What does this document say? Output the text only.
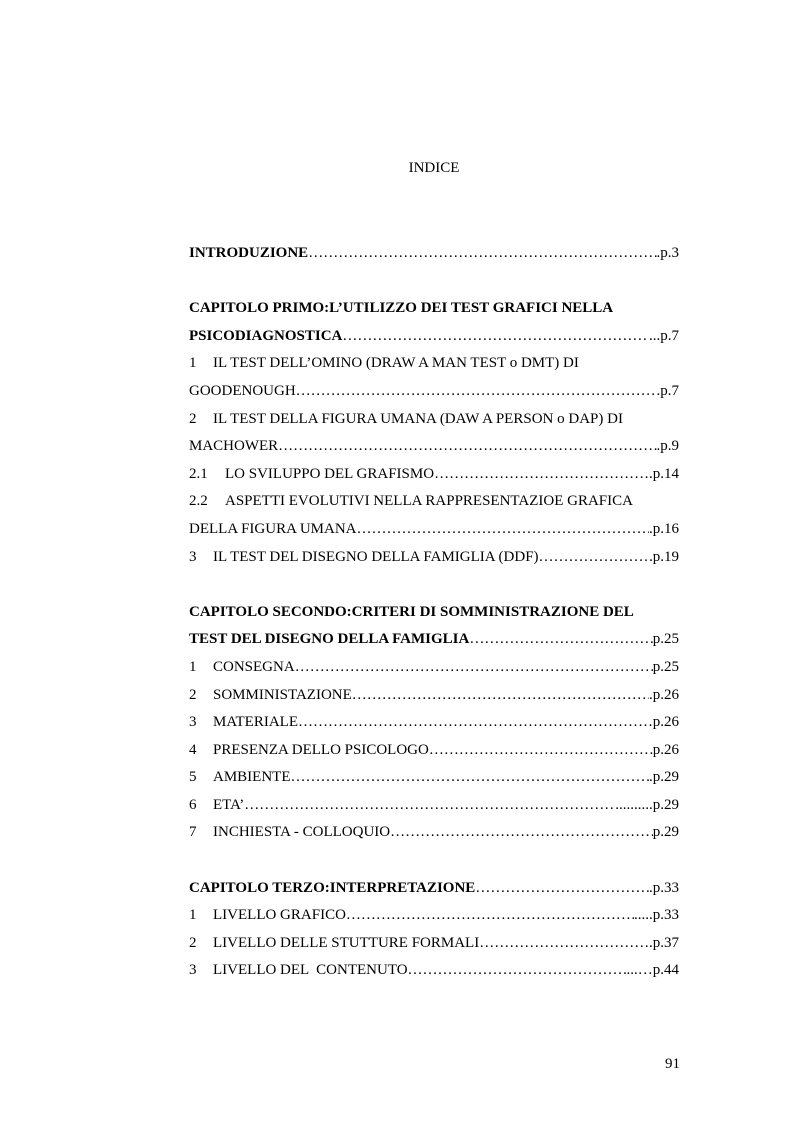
INDICE
INTRODUZIONE ……………………………………………………………………………………………………………………………………………	.p.3
CAPITOLO PRIMO:L’UTILIZZO DEI TEST GRAFICI NELLA
PSICODIAGNOSTICA ……………………………………………………………………………………………………………………………………………	...p.7
1 IL TEST DELL’OMINO (DRAW A MAN TEST o DMT) DI
GOODENOUGH ……………………………………………………………………………………………………………………………………………	.p.7
2 IL TEST DELLA FIGURA UMANA (DAW A PERSON o DAP) DI
MACHOWER ……………………………………………………………………………………………………………………………………………	.p.9
2.1 LO SVILUPPO DEL GRAFISMO ……………………………………………………………………………………………………………………………………………	.p.14
2.2 ASPETTI EVOLUTIVI NELLA RAPPRESENTAZIOE GRAFICA
DELLA FIGURA UMANA ……………………………………………………………………………………………………………………………………………	.p.16
3 IL TEST DEL DISEGNO DELLA FAMIGLIA (DDF) ……………………………………………………………………………………………………………………………………………	p.19
CAPITOLO SECONDO:CRITERI DI SOMMINISTRAZIONE DEL
TEST DEL DISEGNO DELLA FAMIGLIA ……………………………………………………………………………………………………………………………………………	p.25
1 CONSEGNA ……………………………………………………………………………………………………………………………………………	p.25
2 SOMMINISTAZIONE ……………………………………………………………………………………………………………………………………………	.p.26
3 MATERIALE ……………………………………………………………………………………………………………………………………………	p.26
4 PRESENZA DELLO PSICOLOGO ……………………………………………………………………………………………………………………………………………	p.26
5 AMBIENTE ……………………………………………………………………………………………………………………………………………	.p.29
6 ETA’ ……………………………………………………………………………………………………………………………………………	..........p.29
7 INCHIESTA - COLLOQUIO ……………………………………………………………………………………………………………………………………………	p.29
CAPITOLO TERZO:INTERPRETAZIONE ……………………………………………………………………………………………………………………………………………	.p.33
1 LIVELLO GRAFICO ……………………………………………………………………………………………………………………………………………	.....p.33
2 LIVELLO DELLE STUTTURE FORMALI ……………………………………………………………………………………………………………………………………………	.p.37
3 LIVELLO DEL  CONTENUTO ……………………………………………………………………………………………………………………………………………	...…p.44
91
